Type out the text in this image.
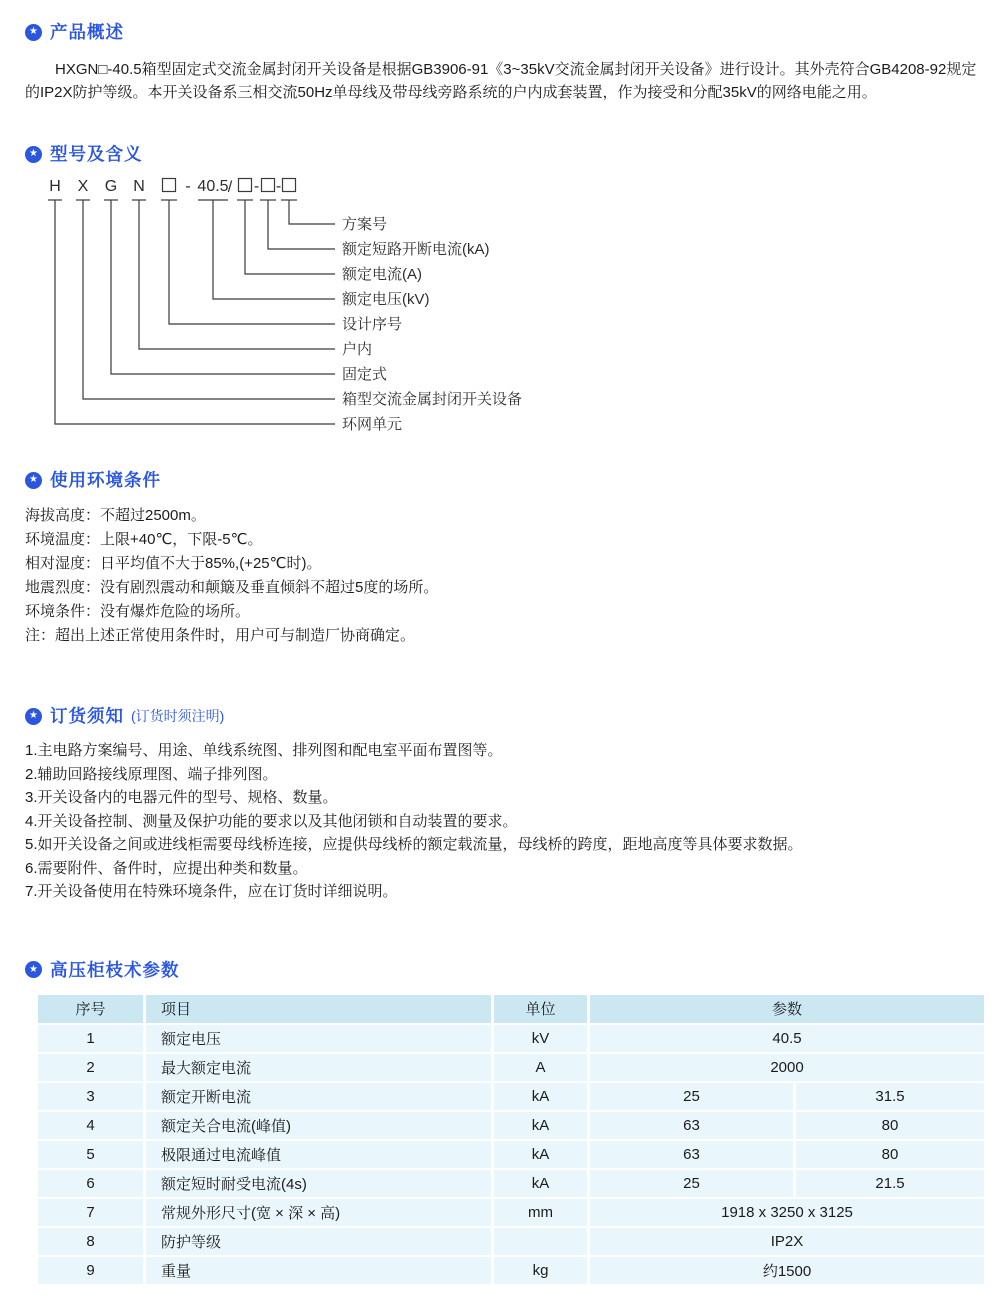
★ 产品概述

HXGN□-40.5箱型固定式交流金属封闭开关设备是根据GB3906-91《3~35kV交流金属封闭开关设备》进行设计。其外壳符合GB4208-92规定的IP2X防护等级。本开关设备系三相交流50Hz单母线及带母线旁路系统的户内成套装置，作为接受和分配35kV的网络电能之用。

★ 型号及含义
H X G N	- 40.5 / - -
方案号
额定短路开断电流(kA)
额定电流(A)
额定电压(kV)
设计序号
户内
固定式
箱型交流金属封闭开关设备
环网单元
★ 使用环境条件
海拔高度：不超过2500m。
环境温度：上限+40℃，下限-5℃。
相对湿度：日平均值不大于85%,(+25℃时)。
地震烈度：没有剧烈震动和颠簸及垂直倾斜不超过5度的场所。
环境条件：没有爆炸危险的场所。
注：超出上述正常使用条件时，用户可与制造厂协商确定。
★ 订货须知 (订货时须注明)
1.主电路方案编号、用途、单线系统图、排列图和配电室平面布置图等。
2.辅助回路接线原理图、端子排列图。
3.开关设备内的电器元件的型号、规格、数量。
4.开关设备控制、测量及保护功能的要求以及其他闭锁和自动装置的要求。
5.如开关设备之间或进线柜需要母线桥连接，应提供母线桥的额定载流量，母线桥的跨度，距地高度等具体要求数据。
6.需要附件、备件时，应提出种类和数量。
7.开关设备使用在特殊环境条件，应在订货时详细说明。
★ 高压柜枝术参数
序号	项目	单位	参数	
1	额定电压	kV	40.5	
2	最大额定电流	A	2000	
3	额定开断电流	kA	25	31.5
4	额定关合电流(峰值)	kA	63	80
5	极限通过电流峰值	kA	63	80
6	额定短时耐受电流(4s)	kA	25	21.5
7	常规外形尺寸(宽 × 深 × 高)	mm	1918 x 3250 x 3125	
8	防护等级		IP2X	
9	重量	kg	约1500	
